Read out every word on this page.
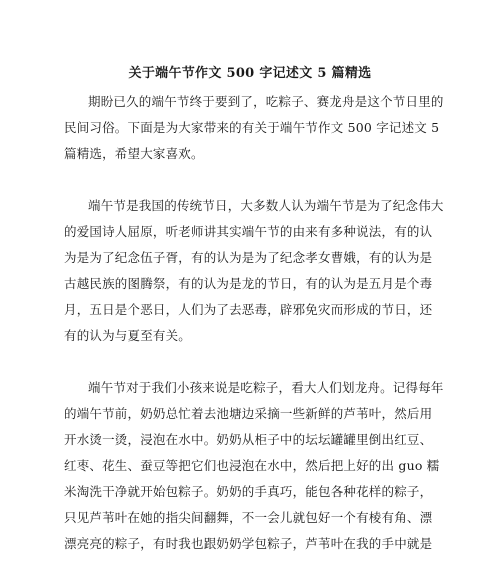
关于端午节作文 500 字记述文 5 篇精选
期盼已久的端午节终于要到了，吃粽子、赛龙舟是这个节日里的
民间习俗。下面是为大家带来的有关于端午节作文 500 字记述文 5
篇精选，希望大家喜欢。
端午节是我国的传统节日，大多数人认为端午节是为了纪念伟大
的爱国诗人屈原，听老师讲其实端午节的由来有多种说法，有的认
为是为了纪念伍子胥，有的认为是为了纪念孝女曹娥，有的认为是
古越民族的图腾祭，有的认为是龙的节日，有的认为是五月是个毒
月，五日是个恶日，人们为了去恶毒，辟邪免灾而形成的节日，还
有的认为与夏至有关。
端午节对于我们小孩来说是吃粽子，看大人们划龙舟。记得每年
的端午节前，奶奶总忙着去池塘边采摘一些新鲜的芦苇叶，然后用
开水烫一烫，浸泡在水中。奶奶从柜子中的坛坛罐罐里倒出红豆、
红枣、花生、蚕豆等把它们也浸泡在水中，然后把上好的出 guo 糯
米淘洗干净就开始包粽子。奶奶的手真巧，能包各种花样的粽子，
只见芦苇叶在她的指尖间翻舞，不一会儿就包好一个有棱有角、漂
漂亮亮的粽子，有时我也跟奶奶学包粽子，芦苇叶在我的手中就是
